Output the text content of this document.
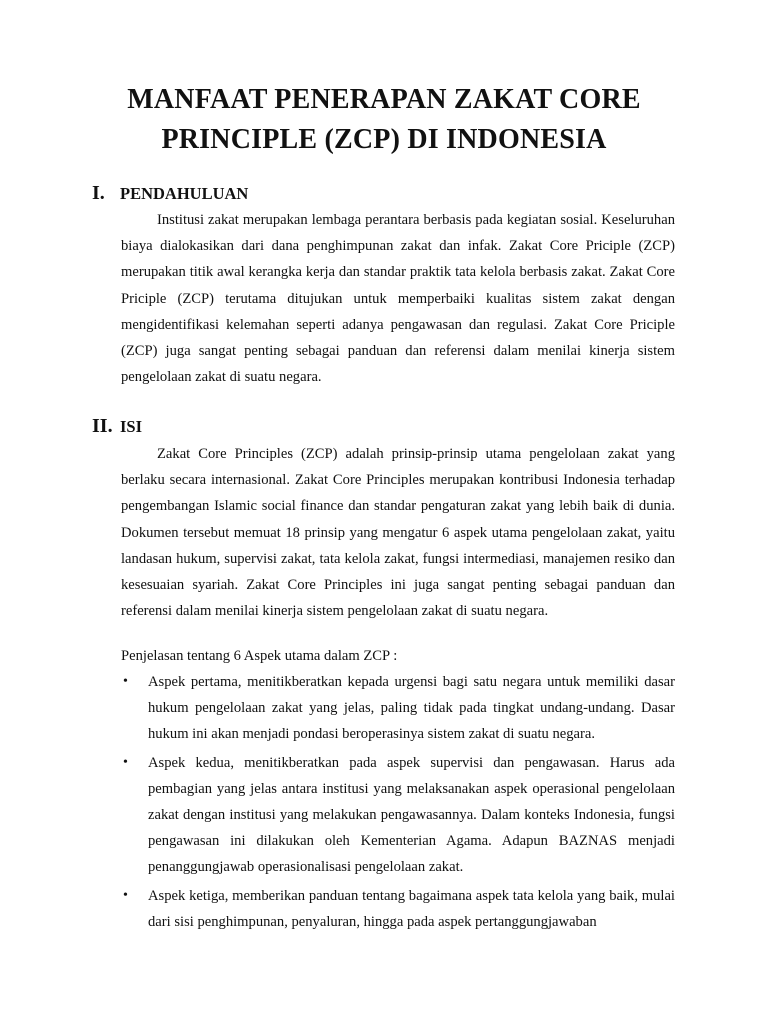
MANFAAT PENERAPAN ZAKAT CORE
PRINCIPLE (ZCP) DI INDONESIA
I. PENDAHULUAN

Institusi zakat merupakan lembaga perantara berbasis pada kegiatan sosial. Keseluruhan biaya dialokasikan dari dana penghimpunan zakat dan infak. Zakat Core Priciple (ZCP) merupakan titik awal kerangka kerja dan standar praktik tata kelola berbasis zakat. Zakat Core Priciple (ZCP) terutama ditujukan untuk memperbaiki kualitas sistem zakat dengan mengidentifikasi kelemahan seperti adanya pengawasan dan regulasi. Zakat Core Priciple (ZCP) juga sangat penting sebagai panduan dan referensi dalam menilai kinerja sistem pengelolaan zakat di suatu negara.

II. ISI

Zakat Core Principles (ZCP) adalah prinsip-prinsip utama pengelolaan zakat yang berlaku secara internasional. Zakat Core Principles merupakan kontribusi Indonesia terhadap pengembangan Islamic social finance dan standar pengaturan zakat yang lebih baik di dunia. Dokumen tersebut memuat 18 prinsip yang mengatur 6 aspek utama pengelolaan zakat, yaitu landasan hukum, supervisi zakat, tata kelola zakat, fungsi intermediasi, manajemen resiko dan kesesuaian syariah. Zakat Core Principles ini juga sangat penting sebagai panduan dan referensi dalam menilai kinerja sistem pengelolaan zakat di suatu negara.

Penjelasan tentang 6 Aspek utama dalam ZCP :
•	Aspek pertama, menitikberatkan kepada urgensi bagi satu negara untuk memiliki dasar hukum pengelolaan zakat yang jelas, paling tidak pada tingkat undang-undang. Dasar hukum ini akan menjadi pondasi beroperasinya sistem zakat di suatu negara.
•	Aspek kedua, menitikberatkan pada aspek supervisi dan pengawasan. Harus ada pembagian yang jelas antara institusi yang melaksanakan aspek operasional pengelolaan zakat dengan institusi yang melakukan pengawasannya. Dalam konteks Indonesia, fungsi pengawasan ini dilakukan oleh Kementerian Agama. Adapun BAZNAS menjadi penanggungjawab operasionalisasi pengelolaan zakat.
•	Aspek ketiga, memberikan panduan tentang bagaimana aspek tata kelola yang baik, mulai dari sisi penghimpunan, penyaluran, hingga pada aspek pertanggungjawaban
